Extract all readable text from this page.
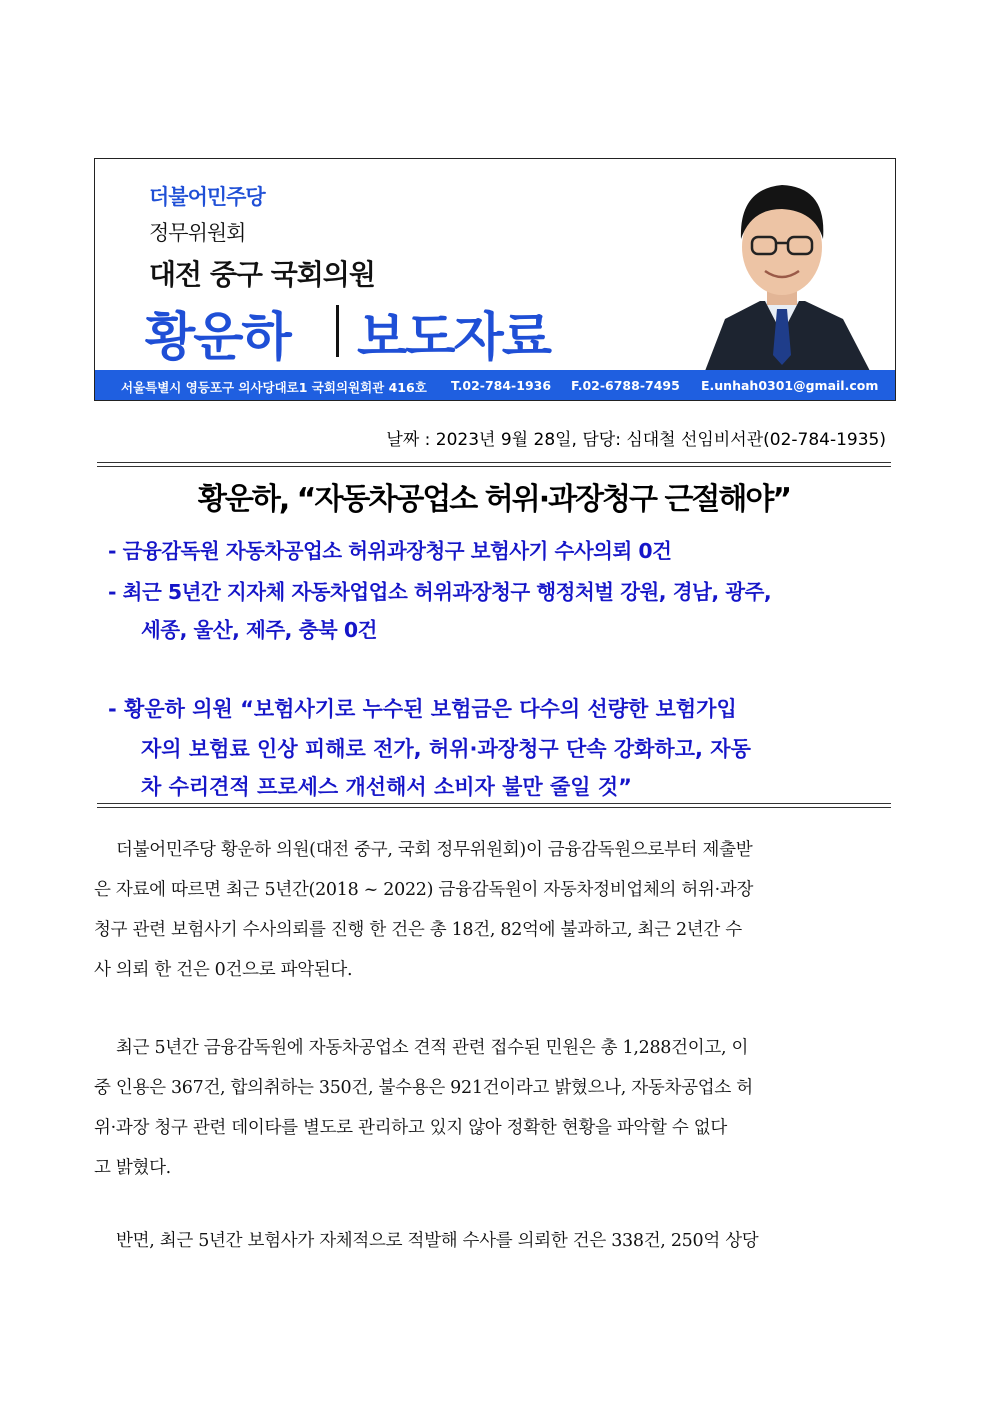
더불어민주당
정무위원회
대전 중구 국회의원
황운하 보도자료
서울특별시 영등포구 의사당대로1 국회의원회관 416호 T.02-784-1936 F.02-6788-7495 E.unhah0301@gmail.com
날짜 : 2023년 9월 28일, 담당: 심대철 선임비서관(02-784-1935)
황운하, “자동차공업소 허위·과장청구 근절해야”
- 금융감독원 자동차공업소 허위과장청구 보험사기 수사의뢰 0건
- 최근 5년간 지자체 자동차업업소 허위과장청구 행정처벌 강원, 경남, 광주,
세종, 울산, 제주, 충북 0건
- 황운하 의원 “보험사기로 누수된 보험금은 다수의 선량한 보험가입
자의 보험료 인상 피해로 전가, 허위·과장청구 단속 강화하고, 자동
차 수리견적 프로세스 개선해서 소비자 불만 줄일 것”
더불어민주당 황운하 의원(대전 중구, 국회 정무위원회)이 금융감독원으로부터 제출받
은 자료에 따르면 최근 5년간(2018 ~ 2022) 금융감독원이 자동차정비업체의 허위·과장
청구 관련 보험사기 수사의뢰를 진행 한 건은 총 18건, 82억에 불과하고, 최근 2년간 수
사 의뢰 한 건은 0건으로 파악된다.
최근 5년간 금융감독원에 자동차공업소 견적 관련 접수된 민원은 총 1,288건이고, 이
중 인용은 367건, 합의취하는 350건, 불수용은 921건이라고 밝혔으나, 자동차공업소 허
위·과장 청구 관련 데이타를 별도로 관리하고 있지 않아 정확한 현황을 파악할 수 없다
고 밝혔다.
반면, 최근 5년간 보험사가 자체적으로 적발해 수사를 의뢰한 건은 338건, 250억 상당
